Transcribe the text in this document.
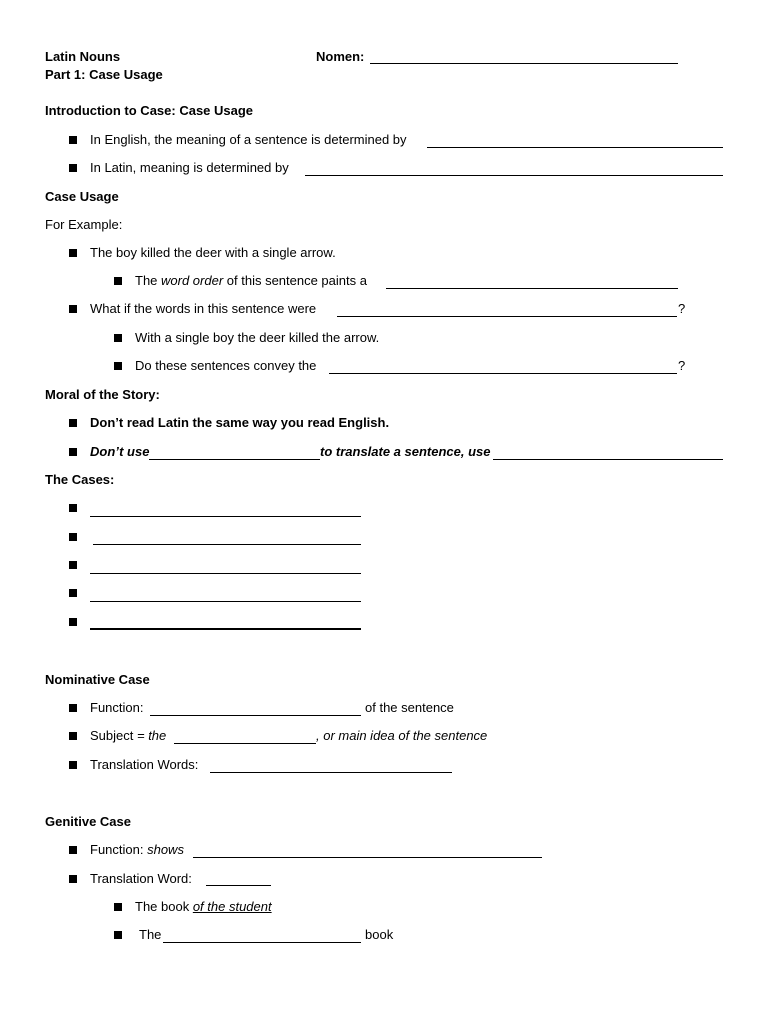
Latin Nouns
Part 1: Case Usage
Nomen:
Introduction to Case: Case Usage
In English, the meaning of a sentence is determined by
In Latin, meaning is determined by
Case Usage
For Example:
The boy killed the deer with a single arrow.
The word order of this sentence paints a
What if the words in this sentence were	?
With a single boy the deer killed the arrow.
Do these sentences convey the	?
Moral of the Story:
Don’t read Latin the same way you read English.
Don’t use	to translate a sentence, use
The Cases:
Nominative Case
Function:	of the sentence
Subject = the	, or main idea of the sentence
Translation Words:
Genitive Case
Function: shows
Translation Word:
The book of the student
The	book
